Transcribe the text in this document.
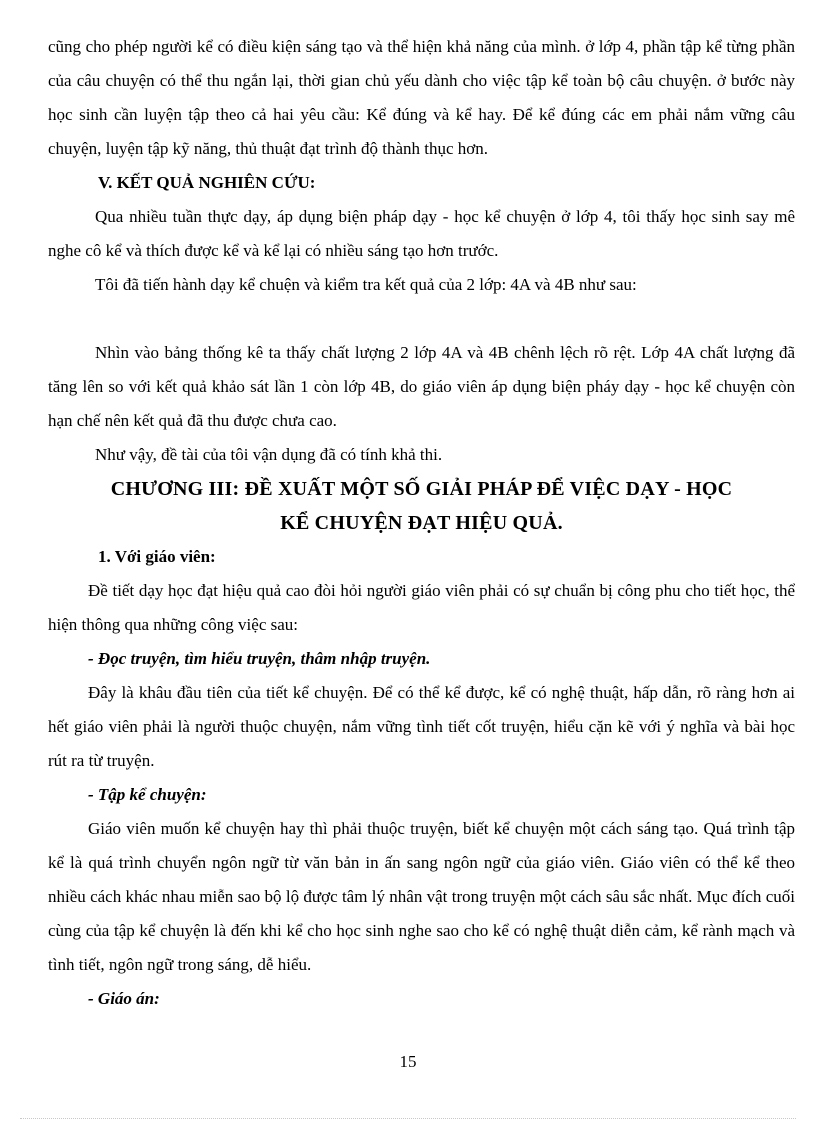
cũng cho phép người kể có điều kiện sáng tạo và thể hiện khả năng của mình. ở lớp 4, phần tập kể từng phần của câu chuyện có thể thu ngắn lại, thời gian chủ yếu dành cho việc tập kể toàn bộ câu chuyện. ở bước này học sinh cần luyện tập theo cả hai yêu cầu: Kể đúng và kể hay. Để kể đúng các em phải nắm vững câu chuyện, luyện tập kỹ năng, thủ thuật đạt trình độ thành thục hơn.

V. KẾT QUẢ NGHIÊN CỨU:

Qua nhiều tuần thực dạy, áp dụng biện pháp dạy - học kể chuyện ở lớp 4, tôi thấy học sinh say mê nghe cô kể và thích được kể và kể lại có nhiều sáng tạo hơn trước.

Tôi đã tiến hành dạy kể chuện và kiểm tra kết quả của 2 lớp: 4A và 4B như sau:

Nhìn vào bảng thống kê ta thấy chất lượng 2 lớp 4A và 4B chênh lệch rõ rệt. Lớp 4A chất lượng đã tăng lên so với kết quả khảo sát lần 1 còn lớp 4B, do giáo viên áp dụng biện pháy dạy - học kể chuyện còn hạn chế nên kết quả đã thu được chưa cao.

Như vậy, đề tài của tôi vận dụng đã có tính khả thi.

CHƯƠNG III: ĐỀ XUẤT MỘT SỐ GIẢI PHÁP ĐỂ VIỆC DẠY - HỌC
KỂ CHUYỆN ĐẠT HIỆU QUẢ.
1. Với giáo viên:

Đề tiết dạy học đạt hiệu quả cao đòi hỏi người giáo viên phải có sự chuẩn bị công phu cho tiết học, thể hiện thông qua những công việc sau:

- Đọc truyện, tìm hiểu truyện, thâm nhập truyện.

Đây là khâu đầu tiên của tiết kể chuyện. Để có thể kể được, kể có nghệ thuật, hấp dẫn, rõ ràng hơn ai hết giáo viên phải là người thuộc chuyện, nắm vững tình tiết cốt truyện, hiểu cặn kẽ với ý nghĩa và bài học rút ra từ truyện.

- Tập kể chuyện:

Giáo viên muốn kể chuyện hay thì phải thuộc truyện, biết kể chuyện một cách sáng tạo. Quá trình tập kể là quá trình chuyển ngôn ngữ từ văn bản in ấn sang ngôn ngữ của giáo viên. Giáo viên có thể kể theo nhiều cách khác nhau miễn sao bộ lộ được tâm lý nhân vật trong truyện một cách sâu sắc nhất. Mục đích cuối cùng của tập kể chuyện là đến khi kể cho học sinh nghe sao cho kể có nghệ thuật diễn cảm, kể rành mạch và tình tiết, ngôn ngữ trong sáng, dễ hiểu.

- Giáo án:
15
